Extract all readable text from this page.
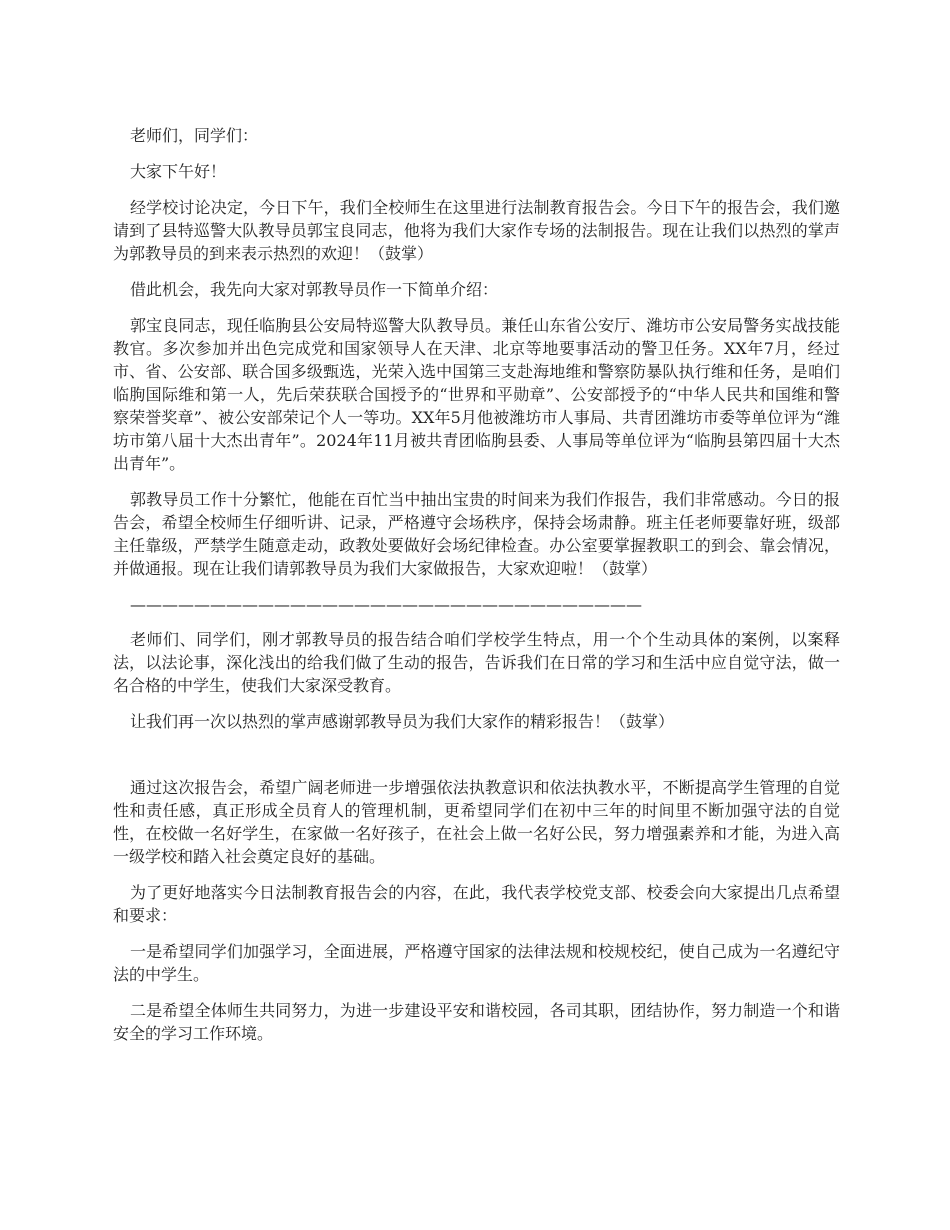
老师们，同学们：

大家下午好！

经学校讨论决定，今日下午，我们全校师生在这里进行法制教育报告会。今日下午的报告会，我们邀请到了县特巡警大队教导员郭宝良同志，他将为我们大家作专场的法制报告。现在让我们以热烈的掌声为郭教导员的到来表示热烈的欢迎！（鼓掌）

借此机会，我先向大家对郭教导员作一下简单介绍：

郭宝良同志，现任临朐县公安局特巡警大队教导员。兼任山东省公安厅、潍坊市公安局警务实战技能教官。多次参加并出色完成党和国家领导人在天津、北京等地要事活动的警卫任务。XX年7月，经过市、省、公安部、联合国多级甄选，光荣入选中国第三支赴海地维和警察防暴队执行维和任务，是咱们临朐国际维和第一人，先后荣获联合国授予的“世界和平勋章”、公安部授予的“中华人民共和国维和警察荣誉奖章”、被公安部荣记个人一等功。XX年5月他被潍坊市人事局、共青团潍坊市委等单位评为“潍坊市第八届十大杰出青年”。2024年11月被共青团临朐县委、人事局等单位评为“临朐县第四届十大杰出青年”。

郭教导员工作十分繁忙，他能在百忙当中抽出宝贵的时间来为我们作报告，我们非常感动。今日的报告会，希望全校师生仔细听讲、记录，严格遵守会场秩序，保持会场肃静。班主任老师要靠好班，级部主任靠级，严禁学生随意走动，政教处要做好会场纪律检查。办公室要掌握教职工的到会、靠会情况，并做通报。现在让我们请郭教导员为我们大家做报告，大家欢迎啦！（鼓掌）

————————————————————————————————

老师们、同学们，刚才郭教导员的报告结合咱们学校学生特点，用一个个生动具体的案例，以案释法，以法论事，深化浅出的给我们做了生动的报告，告诉我们在日常的学习和生活中应自觉守法，做一名合格的中学生，使我们大家深受教育。

让我们再一次以热烈的掌声感谢郭教导员为我们大家作的精彩报告！（鼓掌）

通过这次报告会，希望广阔老师进一步增强依法执教意识和依法执教水平，不断提高学生管理的自觉性和责任感，真正形成全员育人的管理机制，更希望同学们在初中三年的时间里不断加强守法的自觉性，在校做一名好学生，在家做一名好孩子，在社会上做一名好公民，努力增强素养和才能，为进入高一级学校和踏入社会奠定良好的基础。

为了更好地落实今日法制教育报告会的内容，在此，我代表学校党支部、校委会向大家提出几点希望和要求：

一是希望同学们加强学习，全面进展，严格遵守国家的法律法规和校规校纪，使自己成为一名遵纪守法的中学生。

二是希望全体师生共同努力，为进一步建设平安和谐校园，各司其职，团结协作，努力制造一个和谐安全的学习工作环境。
